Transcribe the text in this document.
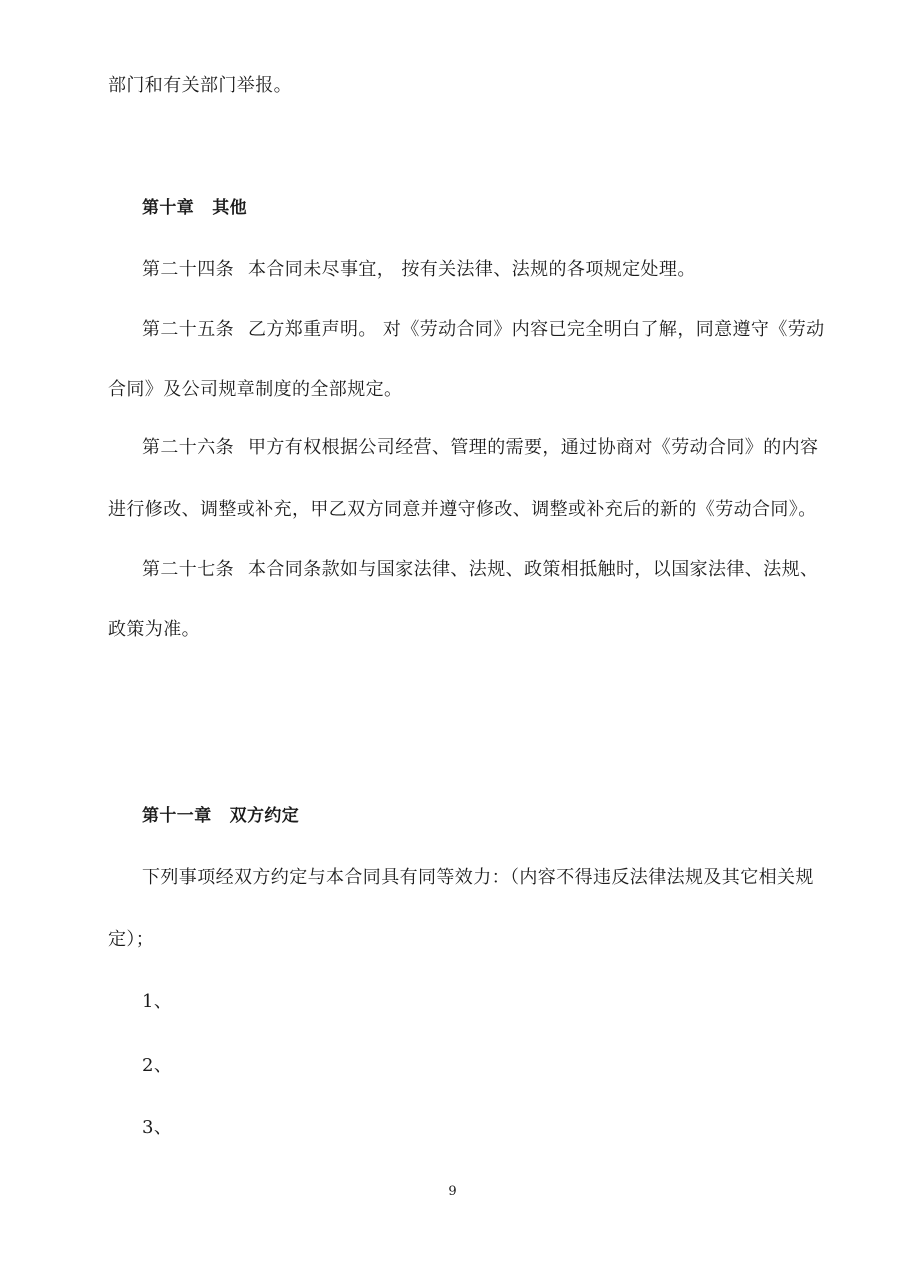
部门和有关部门举报。
第十章 其他
第二十四条 本合同未尽事宜， 按有关法律、法规的各项规定处理。
第二十五条 乙方郑重声明。 对《劳动合同》内容已完全明白了解，同意遵守《劳动
合同》及公司规章制度的全部规定。
第二十六条 甲方有权根据公司经营、管理的需要，通过协商对《劳动合同》的内容
进行修改、调整或补充，甲乙双方同意并遵守修改、调整或补充后的新的《劳动合同》。
第二十七条 本合同条款如与国家法律、法规、政策相抵触时，以国家法律、法规、
政策为准。
第十一章 双方约定
下列事项经双方约定与本合同具有同等效力：（内容不得违反法律法规及其它相关规
定）；
1、
2、
3、
9
